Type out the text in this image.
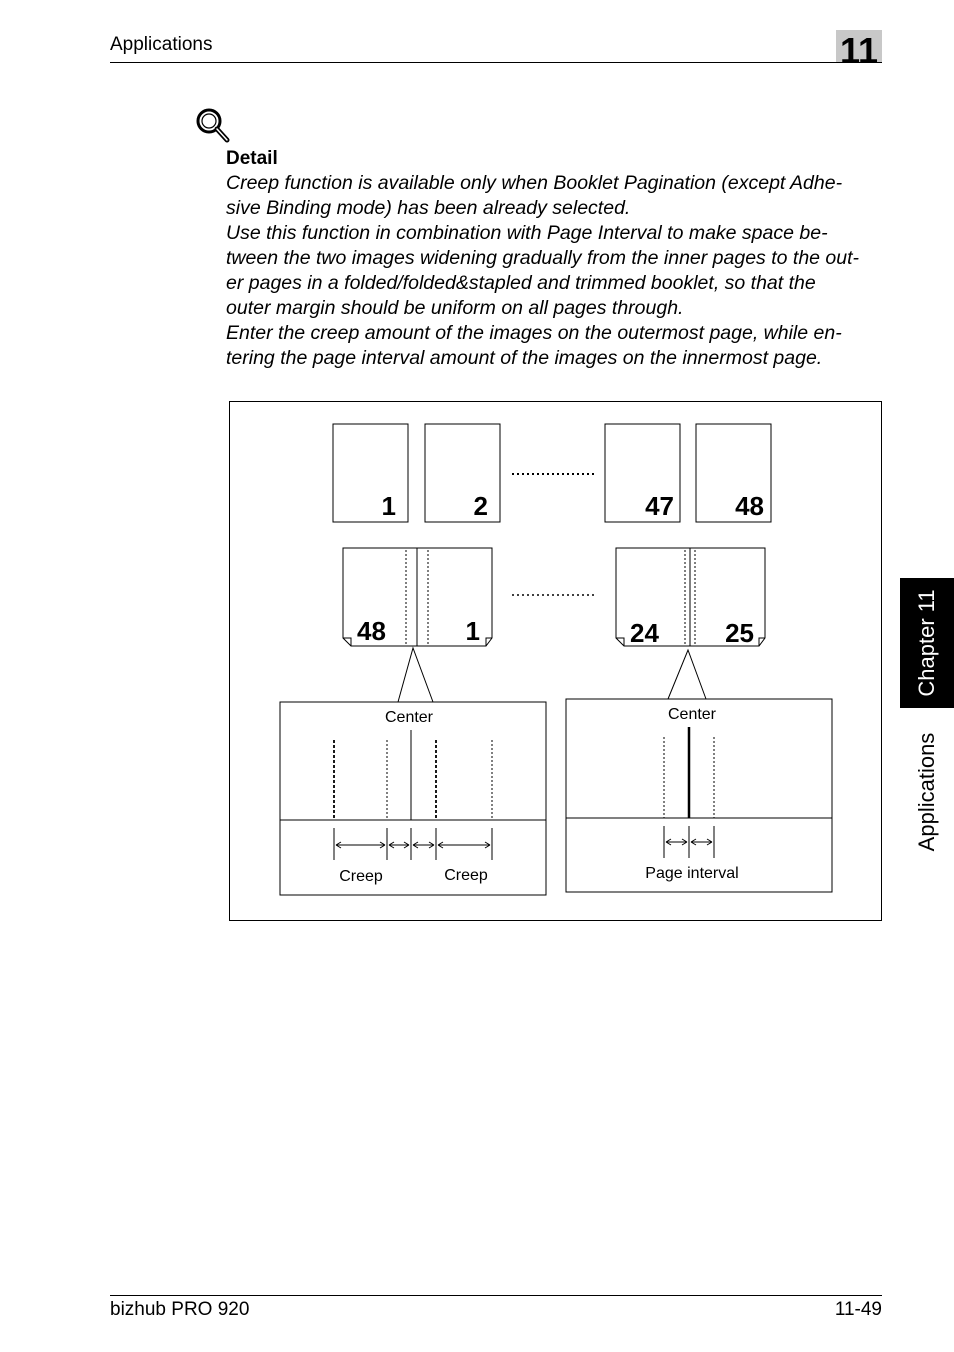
Applications	11
Detail

Creep function is available only when Booklet Pagination (except Adhe-
sive Binding mode) has been already selected.

Use this function in combination with Page Interval to make space be-
tween the two images widening gradually from the inner pages to the out-
er pages in a folded/folded&stapled and trimmed booklet, so that the
outer margin should be uniform on all pages through.

Enter the creep amount of the images on the outermost page, while en-
tering the page interval amount of the images on the innermost page.

1	2	47 48
48	1	24	25
Center
Creep	Creep
Center
Page interval
Chapter 11
Applications
bizhub PRO 920	11-49
